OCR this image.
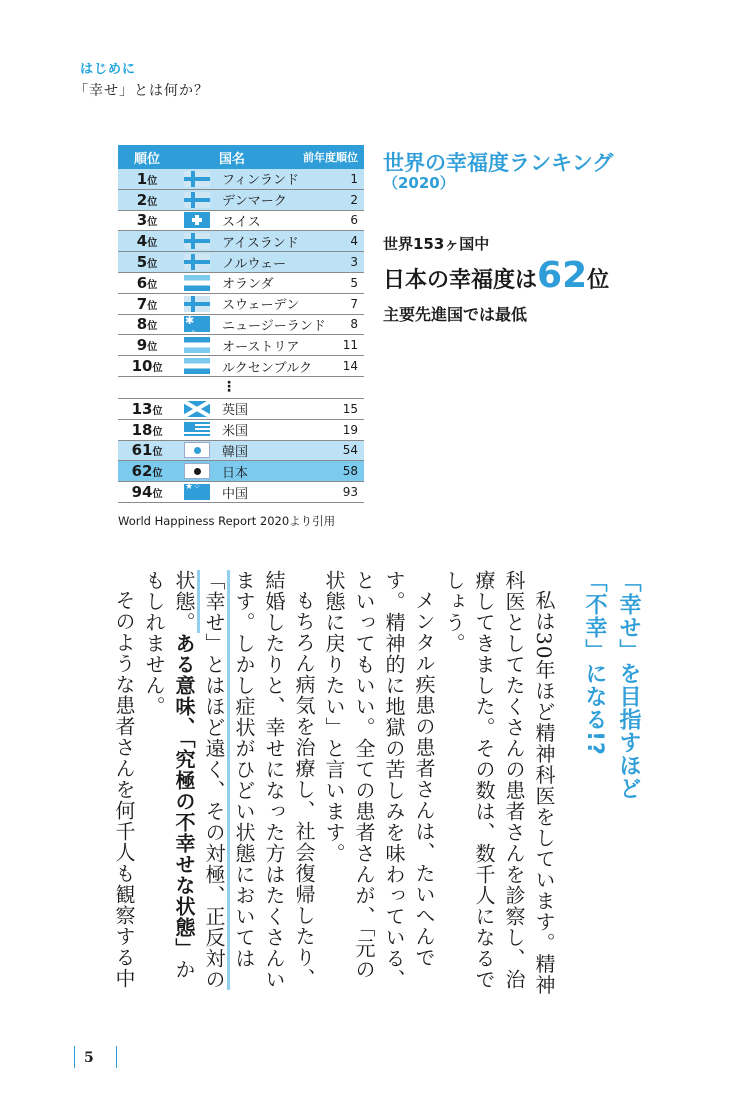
はじめに
「幸せ」とは何か？
順位	国名	前年度順位
1位	フィンランド	1
2位	デンマーク	2
3位	スイス	6
4位	アイスランド	4
5位	ノルウェー	3
6位	オランダ	5
7位	スウェーデン	7
8位 ✱ ·∗	ニュージーランド	8
9位	オーストリア	11
10位	ルクセンブルク	14
⋮
13位	英国	15
18位	米国	19
61位	韓国	54
62位	日本	58
94位 ★⁘	中国	93
World Happiness Report 2020より引用
世界の幸福度ランキング
（2020）
世界153ヶ国中
日本の幸福度は62位
主要先進国では最低

「幸せ」を目指すほど
「不幸」になる!?

私は30年ほど精神科医をしています。精神科医としてたくさんの患者さんを診察し、治療してきました。その数は、数千人になるでしょう。

メンタル疾患の患者さんは、たいへんです。精神的に地獄の苦しみを味わっている、といってもいい。全ての患者さんが、「元の状態に戻りたい」と言います。

もちろん病気を治療し、社会復帰したり、結婚したりと、幸せになった方はたくさんいます。しかし症状がひどい状態においては「幸せ」とはほど遠く、その対極、正反対の状態。ある意味、「究極の不幸せな状態」かもしれません。

そのような患者さんを何千人も観察する中

5
